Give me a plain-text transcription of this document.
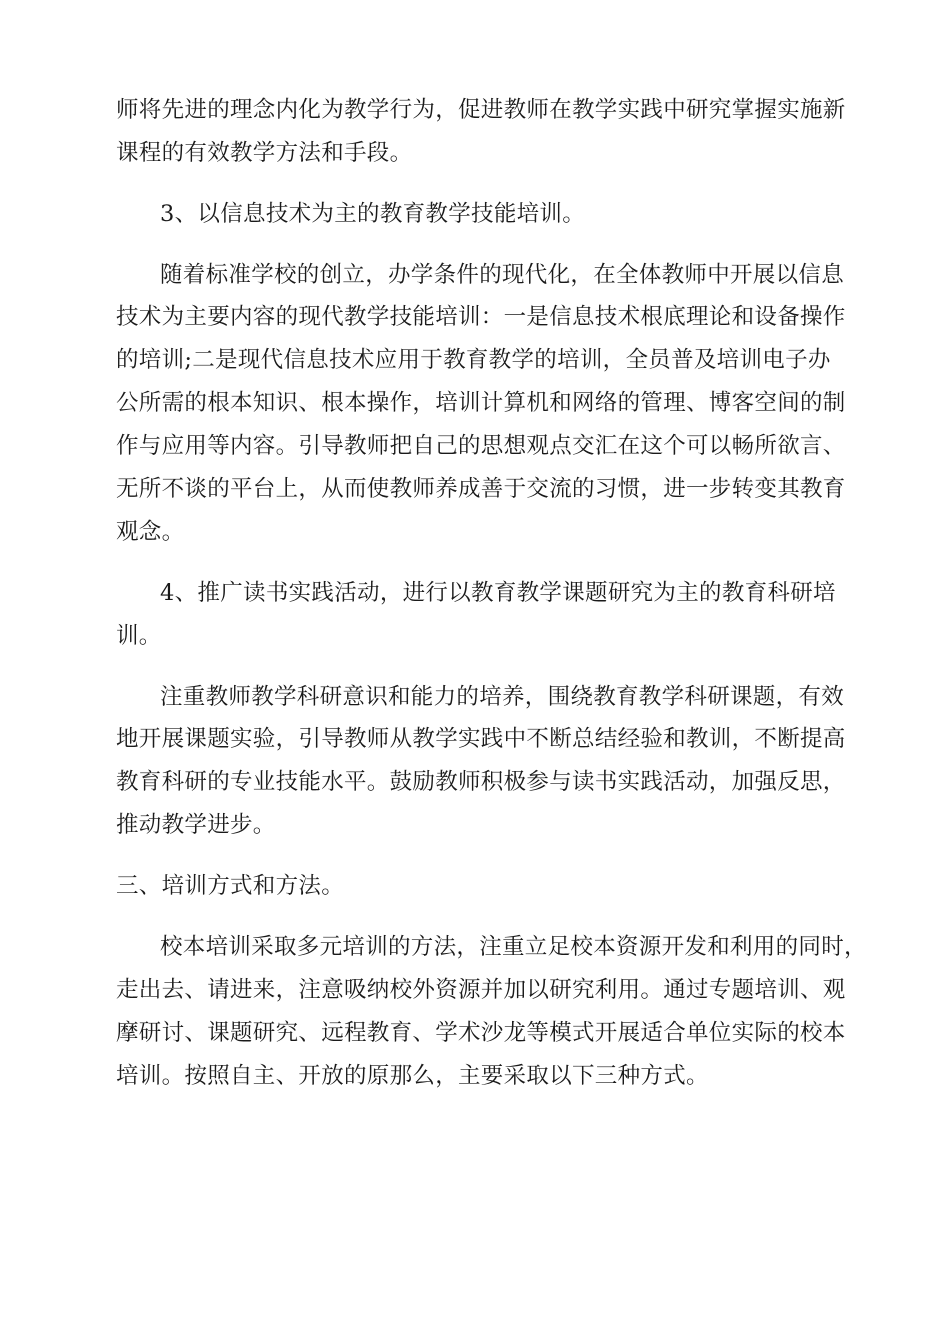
师将先进的理念内化为教学行为，促进教师在教学实践中研究掌握实施新
课程的有效教学方法和手段。
3、以信息技术为主的教育教学技能培训。
随着标准学校的创立，办学条件的现代化，在全体教师中开展以信息
技术为主要内容的现代教学技能培训：一是信息技术根底理论和设备操作
的培训;二是现代信息技术应用于教育教学的培训，全员普及培训电子办
公所需的根本知识、根本操作，培训计算机和网络的管理、博客空间的制
作与应用等内容。引导教师把自己的思想观点交汇在这个可以畅所欲言、
无所不谈的平台上，从而使教师养成善于交流的习惯，进一步转变其教育
观念。
4、推广读书实践活动，进行以教育教学课题研究为主的教育科研培
训。
注重教师教学科研意识和能力的培养，围绕教育教学科研课题，有效
地开展课题实验，引导教师从教学实践中不断总结经验和教训，不断提高
教育科研的专业技能水平。鼓励教师积极参与读书实践活动，加强反思，
推动教学进步。
三、培训方式和方法。
校本培训采取多元培训的方法，注重立足校本资源开发和利用的同时，
走出去、请进来，注意吸纳校外资源并加以研究利用。通过专题培训、观
摩研讨、课题研究、远程教育、学术沙龙等模式开展适合单位实际的校本
培训。按照自主、开放的原那么，主要采取以下三种方式。
